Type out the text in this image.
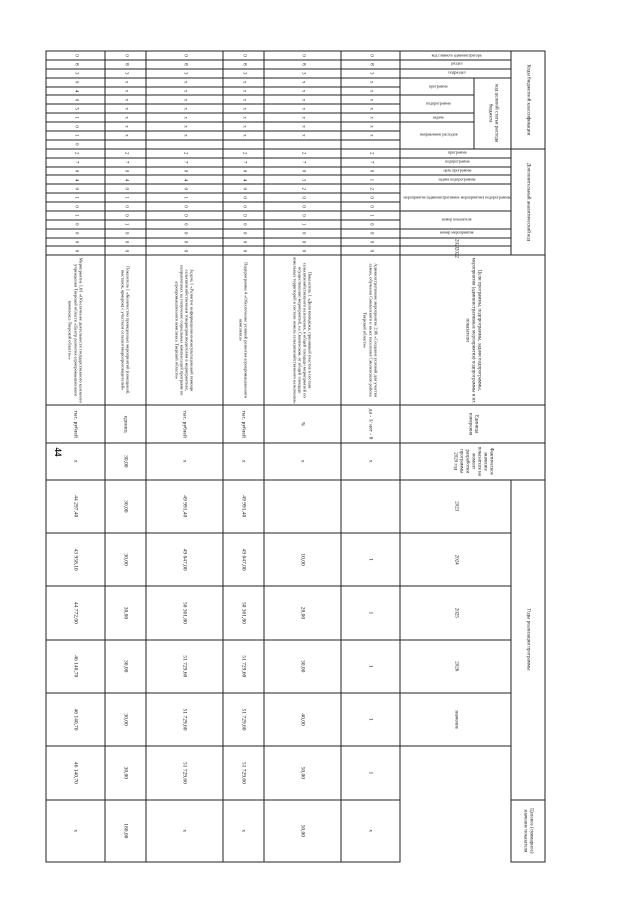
44
Коды бюджетной классификации											Дополнительный аналитический код												Цели программы, подпрограммы, задачи подпрограммы, мероприятия (административные мероприятия) подпрограммы и их показатели	Единица измерения	Фактическое значение показателя на момент разработки программы 2020 год	Годы реализации программы						Целевое (суммарное) значение показателя
код главного администратора	раздел	подраздел	код целевой статьи расхода бюджета								программа	подпрограмма	цель программы	задача подпрограммы	мероприятие (административное мероприятие) подпрограммы			номер показателя		номер мероприятия	2021	2022				2023	2024	2025	2026	значение		
			программа		подпрограмма		задача	направление расходов																								
0	8	3	x	x	x	x	x	x	x		2	7	0	1	2	0	0	1	0	0	0	0	Административное мероприятие 2.06 «Создание условий для участия семьи, обучения Смоленского и иных населения Смоленского района Тверской области»	да - 1/ нет - 0	x		1	1	1	1	1	x
0	8	3	x	x	x	x	x	x	x		2	7	0	3	2	0	0	0	1	0	0	0	Показатель 1 «Доля молодежи, принявшей участие в составе сельскохозяйственного назначения, в общей площади мероприятий по осуществлению мероприятий, на Смоленском, от общей площади земельных территорий в составе земель сельскохозяйственного назначения»	%	x		10,00	20,00	30,00	40,00	50,00	50,00
0	8	3	x	x	x	x	x	x	x		2	7	0	4	0	0	0	0	0	0	0	0	Подпрограмма 4 «Обеспечение условий развития агропромышленного комплекса»	тыс. рублей	x	49 991,40	49 047,00	50 361,80	51 729,60	51 729,60	51 729,60	x
0	8	3	x	x	x	x	x	x	x		2	7	0	4	0	1	0	0	0	0	0	0	Задача 1 «Развитие информационно-консультационной помощи сельскохозяйственным товаропроизводителям в мероприятиях, направленных на получение социальных компенсаций программ по агропромышленного комплекса Тверской области»	тыс. рублей	x	49 991,40	49 047,00	50 361,80	51 729,60	51 729,60	51 729,60	x
0	8	3	x	x	x	x	x	x	x		2	7	0	4	0	1	0	0	1	0	0	0	Показатель 1 «Количество проведенных мероприятий (совещаний, выставок, ярмарок) с участием сельхозтоваропроизводителей»	единиц	30,00	30,00	30,00	30,00	30,00	30,00	30,00	180,00
0	8	3	0	4	0	5	1	0	1	0	2	7	0	4	0	1	0	1	0	0	0	0	Мероприятие 1.01 «Обеспечение деятельности государственного казенного учреждения Тверской области «Центр развития агропромышленного комплекса Тверской области»»	тыс. рублей	x	44 297,40	43 958,10	44 772,00	46 140,70	46 140,70	46 140,70	x
